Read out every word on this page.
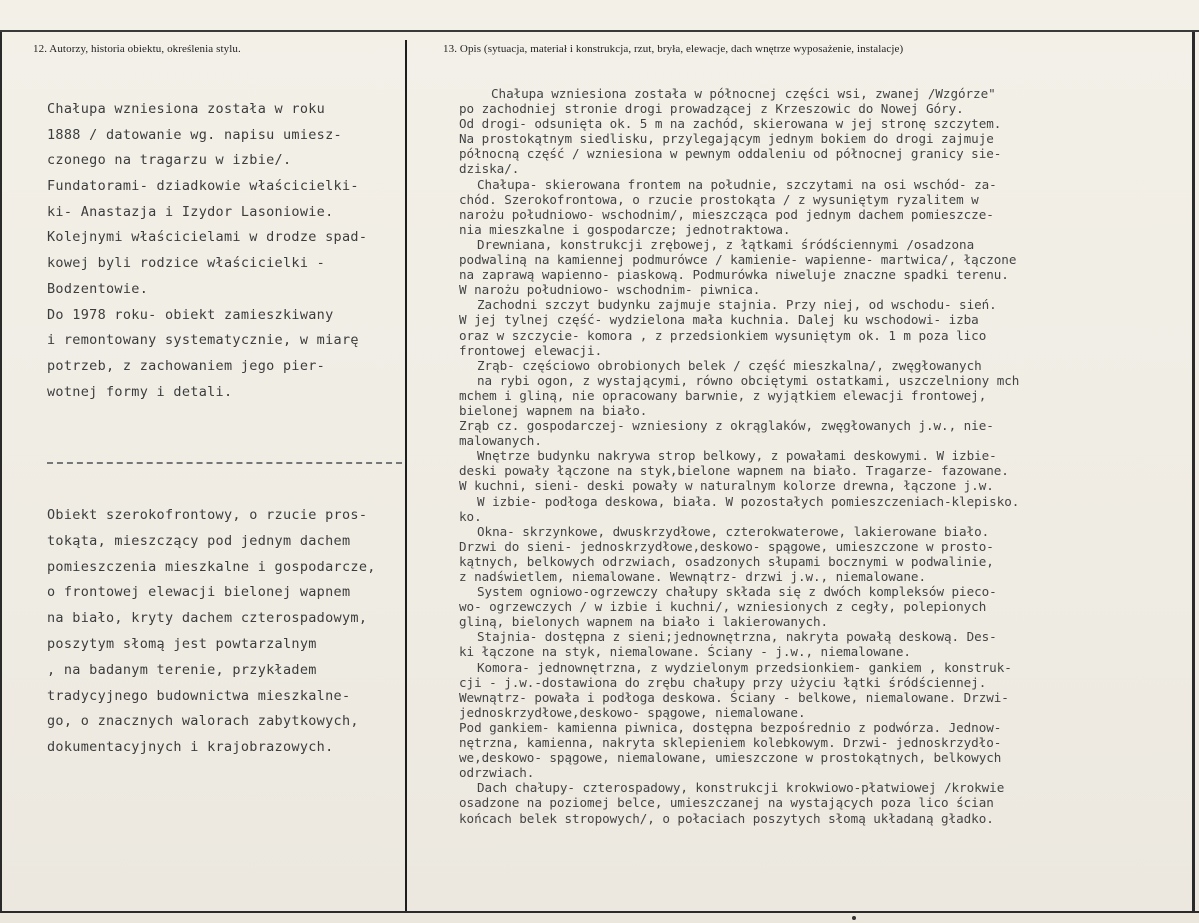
12. Autorzy, historia obiektu, określenia stylu.	13. Opis (sytuacja, materiał i konstrukcja, rzut, bryła, elewacje, dach wnętrze wyposażenie, instalacje)
Chałupa wzniesiona została w roku
1888 / datowanie wg. napisu umiesz-
czonego na tragarzu w izbie/.
Fundatorami- dziadkowie właścicielki-
ki- Anastazja i Izydor Lasoniowie.
Kolejnymi właścicielami w drodze spad-
kowej byli rodzice właścicielki -
Bodzentowie.
Do 1978 roku- obiekt zamieszkiwany
i remontowany systematycznie, w miarę
potrzeb, z zachowaniem jego pier-
wotnej formy i detali.
Obiekt szerokofrontowy, o rzucie pros-
tokąta, mieszczący pod jednym dachem
pomieszczenia mieszkalne i gospodarcze,
o frontowej elewacji bielonej wapnem
na biało, kryty dachem czterospadowym,
poszytym słomą jest powtarzalnym
, na badanym terenie, przykładem
tradycyjnego budownictwa mieszkalne-
go, o znacznych walorach zabytkowych,
dokumentacyjnych i krajobrazowych.
Chałupa wzniesiona została w północnej części wsi, zwanej /Wzgórze"
po zachodniej stronie drogi prowadzącej z Krzeszowic do Nowej Góry.
Od drogi- odsunięta ok. 5 m na zachód, skierowana w jej stronę szczytem.
Na prostokątnym siedlisku, przylegającym jednym bokiem do drogi zajmuje
północną część / wzniesiona w pewnym oddaleniu od północnej granicy sie-
dziska/.
Chałupa- skierowana frontem na południe, szczytami na osi wschód- za-
chód. Szerokofrontowa, o rzucie prostokąta / z wysuniętym ryzalitem w
narożu południowo- wschodnim/, mieszcząca pod jednym dachem pomieszcze-
nia mieszkalne i gospodarcze; jednotraktowa.
Drewniana, konstrukcji zrębowej, z łątkami śródściennymi /osadzona
podwaliną na kamiennej podmurówce / kamienie- wapienne- martwica/, łączone
na zaprawą wapienno- piaskową. Podmurówka niweluje znaczne spadki terenu.
W narożu południowo- wschodnim- piwnica.
Zachodni szczyt budynku zajmuje stajnia. Przy niej, od wschodu- sień.
W jej tylnej część- wydzielona mała kuchnia. Dalej ku wschodowi- izba
oraz w szczycie- komora , z przedsionkiem wysuniętym ok. 1 m poza lico
frontowej elewacji.
Zrąb- częściowo obrobionych belek / część mieszkalna/, zwęgłowanych
na rybi ogon, z wystającymi, równo obciętymi ostatkami, uszczelniony mch
mchem i gliną, nie opracowany barwnie, z wyjątkiem elewacji frontowej,
bielonej wapnem na biało.
Zrąb cz. gospodarczej- wzniesiony z okrąglaków, zwęgłowanych j.w., nie-
malowanych.
Wnętrze budynku nakrywa strop belkowy, z powałami deskowymi. W izbie-
deski powały łączone na styk,bielone wapnem na biało. Tragarze- fazowane.
W kuchni, sieni- deski powały w naturalnym kolorze drewna, łączone j.w.
W izbie- podłoga deskowa, biała. W pozostałych pomieszczeniach-klepisko.
ko.
Okna- skrzynkowe, dwuskrzydłowe, czterokwaterowe, lakierowane biało.
Drzwi do sieni- jednoskrzydłowe,deskowo- spągowe, umieszczone w prosto-
kątnych, belkowych odrzwiach, osadzonych słupami bocznymi w podwalinie,
z nadświetlem, niemalowane. Wewnątrz- drzwi j.w., niemalowane.
System ogniowo-ogrzewczy chałupy składa się z dwóch kompleksów pieco-
wo- ogrzewczych / w izbie i kuchni/, wzniesionych z cegły, polepionych
gliną, bielonych wapnem na biało i lakierowanych.
Stajnia- dostępna z sieni;jednownętrzna, nakryta powałą deskową. Des-
ki łączone na styk, niemalowane. Ściany - j.w., niemalowane.
Komora- jednownętrzna, z wydzielonym przedsionkiem- gankiem , konstruk-
cji - j.w.-dostawiona do zrębu chałupy przy użyciu łątki śródściennej.
Wewnątrz- powała i podłoga deskowa. Ściany - belkowe, niemalowane. Drzwi-
jednoskrzydłowe,deskowo- spągowe, niemalowane.
Pod gankiem- kamienna piwnica, dostępna bezpośrednio z podwórza. Jednow-
nętrzna, kamienna, nakryta sklepieniem kolebkowym. Drzwi- jednoskrzydło-
we,deskowo- spągowe, niemalowane, umieszczone w prostokątnych, belkowych
odrzwiach.
Dach chałupy- czterospadowy, konstrukcji krokwiowo-płatwiowej /krokwie
osadzone na poziomej belce, umieszczanej na wystających poza lico ścian
końcach belek stropowych/, o połaciach poszytych słomą układaną gładko.
